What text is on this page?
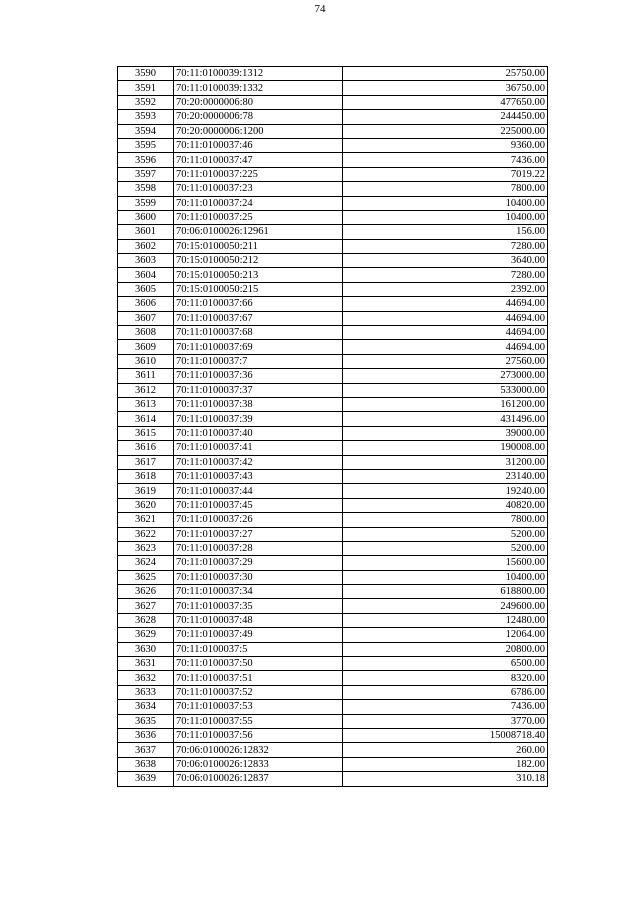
74
3590	70:11:0100039:1312	25750.00
3591	70:11:0100039:1332	36750.00
3592	70:20:0000006:80	477650.00
3593	70:20:0000006:78	244450.00
3594	70:20:0000006:1200	225000.00
3595	70:11:0100037:46	9360.00
3596	70:11:0100037:47	7436.00
3597	70:11:0100037:225	7019.22
3598	70:11:0100037:23	7800.00
3599	70:11:0100037:24	10400.00
3600	70:11:0100037:25	10400.00
3601	70:06:0100026:12961	156.00
3602	70:15:0100050:211	7280.00
3603	70:15:0100050:212	3640.00
3604	70:15:0100050:213	7280.00
3605	70:15:0100050:215	2392.00
3606	70:11:0100037:66	44694.00
3607	70:11:0100037:67	44694.00
3608	70:11:0100037:68	44694.00
3609	70:11:0100037:69	44694.00
3610	70:11:0100037:7	27560.00
3611	70:11:0100037:36	273000.00
3612	70:11:0100037:37	533000.00
3613	70:11:0100037:38	161200.00
3614	70:11:0100037:39	431496.00
3615	70:11:0100037:40	39000.00
3616	70:11:0100037:41	190008.00
3617	70:11:0100037:42	31200.00
3618	70:11:0100037:43	23140.00
3619	70:11:0100037:44	19240.00
3620	70:11:0100037:45	40820.00
3621	70:11:0100037:26	7800.00
3622	70:11:0100037:27	5200.00
3623	70:11:0100037:28	5200.00
3624	70:11:0100037:29	15600.00
3625	70:11:0100037:30	10400.00
3626	70:11:0100037:34	618800.00
3627	70:11:0100037:35	249600.00
3628	70:11:0100037:48	12480.00
3629	70:11:0100037:49	12064.00
3630	70:11:0100037:5	20800.00
3631	70:11:0100037:50	6500.00
3632	70:11:0100037:51	8320.00
3633	70:11:0100037:52	6786.00
3634	70:11:0100037:53	7436.00
3635	70:11:0100037:55	3770.00
3636	70:11:0100037:56	15008718.40
3637	70:06:0100026:12832	260.00
3638	70:06:0100026:12833	182.00
3639	70:06:0100026:12837	310.18
